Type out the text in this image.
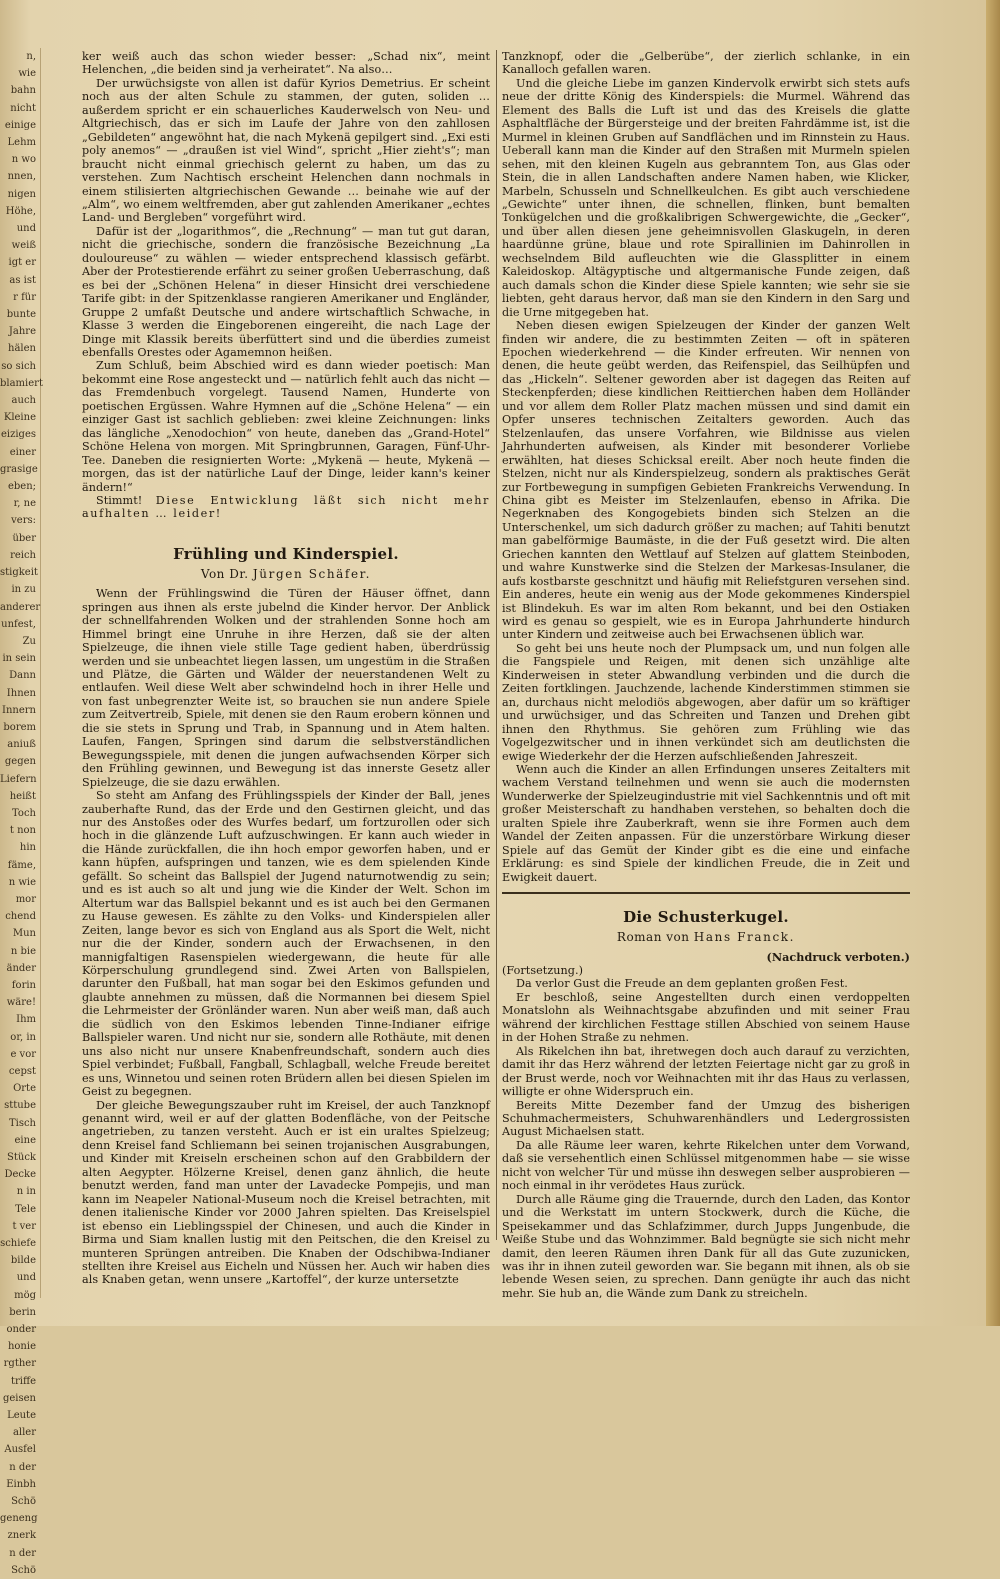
n,
wie
bahn
nicht
einige
Lehm
n wo
nnen,
nigen
Höhe,
und
weiß
igt er
as ist
r für
bunte
Jahre
hälen
so sich
blamiert
auch
Kleine
eiziges
einer
grasige
eben;
r, ne
vers:
über
reich
stigkeit
in zu
anderer
unfest,
Zu
in sein
Dann
Ihnen
Innern
borem
aniuß
gegen
Liefern
heißt
Toch
t non
hin
fäme,
n wie
mor
chend
Mun
n bie
änder
forin
wäre!
Ihm
or, in
e vor
cepst
Orte
sttube
Tisch
eine
Stück
Decke
n in
Tele
t ver
schiefe
bilde
und
mög
berin
onder
honie
rgther
triffe
geisen
Leute
aller
Ausfel
n der
Einbh
Schö
geneng
znerk
n der
Schö

ker weiß auch das schon wieder besser: „Schad nix“, meint Helenchen, „die beiden sind ja verheiratet“. Na also…

Der urwüchsigste von allen ist dafür Kyrios Demetrius. Er scheint noch aus der alten Schule zu stammen, der guten, soliden … außerdem spricht er ein schauerliches Kauderwelsch von Neu- und Altgriechisch, das er sich im Laufe der Jahre von den zahllosen „Gebildeten“ angewöhnt hat, die nach Mykenä gepilgert sind. „Exi esti poly anemos“ — „draußen ist viel Wind“, spricht „Hier zieht's“; man braucht nicht einmal griechisch gelernt zu haben, um das zu verstehen. Zum Nachtisch erscheint Helenchen dann nochmals in einem stilisierten altgriechischen Gewande … beinahe wie auf der „Alm“, wo einem weltfremden, aber gut zahlenden Amerikaner „echtes Land- und Bergleben“ vorgeführt wird.

Dafür ist der „logarithmos“, die „Rechnung“ — man tut gut daran, nicht die griechische, sondern die französische Bezeichnung „La douloureuse“ zu wählen — wieder entsprechend klassisch gefärbt. Aber der Protestierende erfährt zu seiner großen Ueberraschung, daß es bei der „Schönen Helena“ in dieser Hinsicht drei verschiedene Tarife gibt: in der Spitzenklasse rangieren Amerikaner und Engländer, Gruppe 2 umfaßt Deutsche und andere wirtschaftlich Schwache, in Klasse 3 werden die Eingeborenen eingereiht, die nach Lage der Dinge mit Klassik bereits überfüttert sind und die überdies zumeist ebenfalls Orestes oder Agamemnon heißen.

Zum Schluß, beim Abschied wird es dann wieder poetisch: Man bekommt eine Rose angesteckt und — natürlich fehlt auch das nicht — das Fremdenbuch vorgelegt. Tausend Namen, Hunderte von poetischen Ergüssen. Wahre Hymnen auf die „Schöne Helena“ — ein einziger Gast ist sachlich geblieben: zwei kleine Zeichnungen: links das längliche „Xenodochion“ von heute, daneben das „Grand-Hotel“ Schöne Helena von morgen. Mit Springbrunnen, Garagen, Fünf-Uhr-Tee. Daneben die resignierten Worte: „Mykenä — heute, Mykenä — morgen, das ist der natürliche Lauf der Dinge, leider kann's keiner ändern!“

Stimmt! Diese Entwicklung läßt sich nicht mehr aufhalten … leider!

Frühling und Kinderspiel.
Von Dr. Jürgen Schäfer.

Wenn der Frühlingswind die Türen der Häuser öffnet, dann springen aus ihnen als erste jubelnd die Kinder hervor. Der Anblick der schnellfahrenden Wolken und der strahlenden Sonne hoch am Himmel bringt eine Unruhe in ihre Herzen, daß sie der alten Spielzeuge, die ihnen viele stille Tage gedient haben, überdrüssig werden und sie unbeachtet liegen lassen, um ungestüm in die Straßen und Plätze, die Gärten und Wälder der neuerstandenen Welt zu entlaufen. Weil diese Welt aber schwindelnd hoch in ihrer Helle und von fast unbegrenzter Weite ist, so brauchen sie nun andere Spiele zum Zeitvertreib, Spiele, mit denen sie den Raum erobern können und die sie stets in Sprung und Trab, in Spannung und in Atem halten. Laufen, Fangen, Springen sind darum die selbstverständlichen Bewegungsspiele, mit denen die jungen aufwachsenden Körper sich den Frühling gewinnen, und Bewegung ist das innerste Gesetz aller Spielzeuge, die sie dazu erwählen.

So steht am Anfang des Frühlingsspiels der Kinder der Ball, jenes zauberhafte Rund, das der Erde und den Gestirnen gleicht, und das nur des Anstoßes oder des Wurfes bedarf, um fortzurollen oder sich hoch in die glänzende Luft aufzuschwingen. Er kann auch wieder in die Hände zurückfallen, die ihn hoch empor geworfen haben, und er kann hüpfen, aufspringen und tanzen, wie es dem spielenden Kinde gefällt. So scheint das Ballspiel der Jugend naturnotwendig zu sein; und es ist auch so alt und jung wie die Kinder der Welt. Schon im Altertum war das Ballspiel bekannt und es ist auch bei den Germanen zu Hause gewesen. Es zählte zu den Volks- und Kinderspielen aller Zeiten, lange bevor es sich von England aus als Sport die Welt, nicht nur die der Kinder, sondern auch der Erwachsenen, in den mannigfaltigen Rasenspielen wiedergewann, die heute für alle Körperschulung grundlegend sind. Zwei Arten von Ballspielen, darunter den Fußball, hat man sogar bei den Eskimos gefunden und glaubte annehmen zu müssen, daß die Normannen bei diesem Spiel die Lehrmeister der Grönländer waren. Nun aber weiß man, daß auch die südlich von den Eskimos lebenden Tinne-Indianer eifrige Ballspieler waren. Und nicht nur sie, sondern alle Rothäute, mit denen uns also nicht nur unsere Knabenfreundschaft, sondern auch dies Spiel verbindet; Fußball, Fangball, Schlagball, welche Freude bereitet es uns, Winnetou und seinen roten Brüdern allen bei diesen Spielen im Geist zu begegnen.

Der gleiche Bewegungszauber ruht im Kreisel, der auch Tanzknopf genannt wird, weil er auf der glatten Bodenfläche, von der Peitsche angetrieben, zu tanzen versteht. Auch er ist ein uraltes Spielzeug; denn Kreisel fand Schliemann bei seinen trojanischen Ausgrabungen, und Kinder mit Kreiseln erscheinen schon auf den Grabbildern der alten Aegypter. Hölzerne Kreisel, denen ganz ähnlich, die heute benutzt werden, fand man unter der Lavadecke Pompejis, und man kann im Neapeler National-Museum noch die Kreisel betrachten, mit denen italienische Kinder vor 2000 Jahren spielten. Das Kreiselspiel ist ebenso ein Lieblingsspiel der Chinesen, und auch die Kinder in Birma und Siam knallen lustig mit den Peitschen, die den Kreisel zu munteren Sprüngen antreiben. Die Knaben der Odschibwa-Indianer stellten ihre Kreisel aus Eicheln und Nüssen her. Auch wir haben dies als Knaben getan, wenn unsere „Kartoffel“, der kurze untersetzte

Tanzknopf, oder die „Gelberübe“, der zierlich schlanke, in ein Kanalloch gefallen waren.

Und die gleiche Liebe im ganzen Kindervolk erwirbt sich stets aufs neue der dritte König des Kinderspiels: die Murmel. Während das Element des Balls die Luft ist und das des Kreisels die glatte Asphaltfläche der Bürgersteige und der breiten Fahrdämme ist, ist die Murmel in kleinen Gruben auf Sandflächen und im Rinnstein zu Haus. Ueberall kann man die Kinder auf den Straßen mit Murmeln spielen sehen, mit den kleinen Kugeln aus gebranntem Ton, aus Glas oder Stein, die in allen Landschaften andere Namen haben, wie Klicker, Marbeln, Schusseln und Schnellkeulchen. Es gibt auch verschiedene „Gewichte“ unter ihnen, die schnellen, flinken, bunt bemalten Tonkügelchen und die großkalibrigen Schwergewichte, die „Gecker“, und über allen diesen jene geheimnisvollen Glaskugeln, in deren haardünne grüne, blaue und rote Spirallinien im Dahinrollen in wechselndem Bild aufleuchten wie die Glassplitter in einem Kaleidoskop. Altägyptische und altgermanische Funde zeigen, daß auch damals schon die Kinder diese Spiele kannten; wie sehr sie sie liebten, geht daraus hervor, daß man sie den Kindern in den Sarg und die Urne mitgegeben hat.

Neben diesen ewigen Spielzeugen der Kinder der ganzen Welt finden wir andere, die zu bestimmten Zeiten — oft in späteren Epochen wiederkehrend — die Kinder erfreuten. Wir nennen von denen, die heute geübt werden, das Reifenspiel, das Seilhüpfen und das „Hickeln“. Seltener geworden aber ist dagegen das Reiten auf Steckenpferden; diese kindlichen Reittierchen haben dem Holländer und vor allem dem Roller Platz machen müssen und sind damit ein Opfer unseres technischen Zeitalters geworden. Auch das Stelzenlaufen, das unsere Vorfahren, wie Bildnisse aus vielen Jahrhunderten aufweisen, als Kinder mit besonderer Vorliebe erwählten, hat dieses Schicksal ereilt. Aber noch heute finden die Stelzen, nicht nur als Kinderspielzeug, sondern als praktisches Gerät zur Fortbewegung in sumpfigen Gebieten Frankreichs Verwendung. In China gibt es Meister im Stelzenlaufen, ebenso in Afrika. Die Negerknaben des Kongogebiets binden sich Stelzen an die Unterschenkel, um sich dadurch größer zu machen; auf Tahiti benutzt man gabelförmige Baumäste, in die der Fuß gesetzt wird. Die alten Griechen kannten den Wettlauf auf Stelzen auf glattem Steinboden, und wahre Kunstwerke sind die Stelzen der Markesas-Insulaner, die aufs kostbarste geschnitzt und häufig mit Reliefstguren versehen sind. Ein anderes, heute ein wenig aus der Mode gekommenes Kinderspiel ist Blindekuh. Es war im alten Rom bekannt, und bei den Ostiaken wird es genau so gespielt, wie es in Europa Jahrhunderte hindurch unter Kindern und zeitweise auch bei Erwachsenen üblich war.

So geht bei uns heute noch der Plumpsack um, und nun folgen alle die Fangspiele und Reigen, mit denen sich unzählige alte Kinderweisen in steter Abwandlung verbinden und die durch die Zeiten fortklingen. Jauchzende, lachende Kinderstimmen stimmen sie an, durchaus nicht melodiös abgewogen, aber dafür um so kräftiger und urwüchsiger, und das Schreiten und Tanzen und Drehen gibt ihnen den Rhythmus. Sie gehören zum Frühling wie das Vogelgezwitscher und in ihnen verkündet sich am deutlichsten die ewige Wiederkehr der die Herzen aufschließenden Jahreszeit.

Wenn auch die Kinder an allen Erfindungen unseres Zeitalters mit wachem Verstand teilnehmen und wenn sie auch die modernsten Wunderwerke der Spielzeugindustrie mit viel Sachkenntnis und oft mit großer Meisterschaft zu handhaben verstehen, so behalten doch die uralten Spiele ihre Zauberkraft, wenn sie ihre Formen auch dem Wandel der Zeiten anpassen. Für die unzerstörbare Wirkung dieser Spiele auf das Gemüt der Kinder gibt es die eine und einfache Erklärung: es sind Spiele der kindlichen Freude, die in Zeit und Ewigkeit dauert.

Die Schusterkugel.
Roman von Hans Franck.
(Nachdruck verboten.)
(Fortsetzung.)

Da verlor Gust die Freude an dem geplanten großen Fest.

Er beschloß, seine Angestellten durch einen verdoppelten Monatslohn als Weihnachtsgabe abzufinden und mit seiner Frau während der kirchlichen Festtage stillen Abschied von seinem Hause in der Hohen Straße zu nehmen.

Als Rikelchen ihn bat, ihretwegen doch auch darauf zu verzichten, damit ihr das Herz während der letzten Feiertage nicht gar zu groß in der Brust werde, noch vor Weihnachten mit ihr das Haus zu verlassen, willigte er ohne Widerspruch ein.

Bereits Mitte Dezember fand der Umzug des bisherigen Schuhmachermeisters, Schuhwarenhändlers und Ledergrossisten August Michaelsen statt.

Da alle Räume leer waren, kehrte Rikelchen unter dem Vorwand, daß sie versehentlich einen Schlüssel mitgenommen habe — sie wisse nicht von welcher Tür und müsse ihn deswegen selber ausprobieren — noch einmal in ihr verödetes Haus zurück.

Durch alle Räume ging die Trauernde, durch den Laden, das Kontor und die Werkstatt im untern Stockwerk, durch die Küche, die Speisekammer und das Schlafzimmer, durch Jupps Jungenbude, die Weiße Stube und das Wohnzimmer. Bald begnügte sie sich nicht mehr damit, den leeren Räumen ihren Dank für all das Gute zuzunicken, was ihr in ihnen zuteil geworden war. Sie begann mit ihnen, als ob sie lebende Wesen seien, zu sprechen. Dann genügte ihr auch das nicht mehr. Sie hub an, die Wände zum Dank zu streicheln.
